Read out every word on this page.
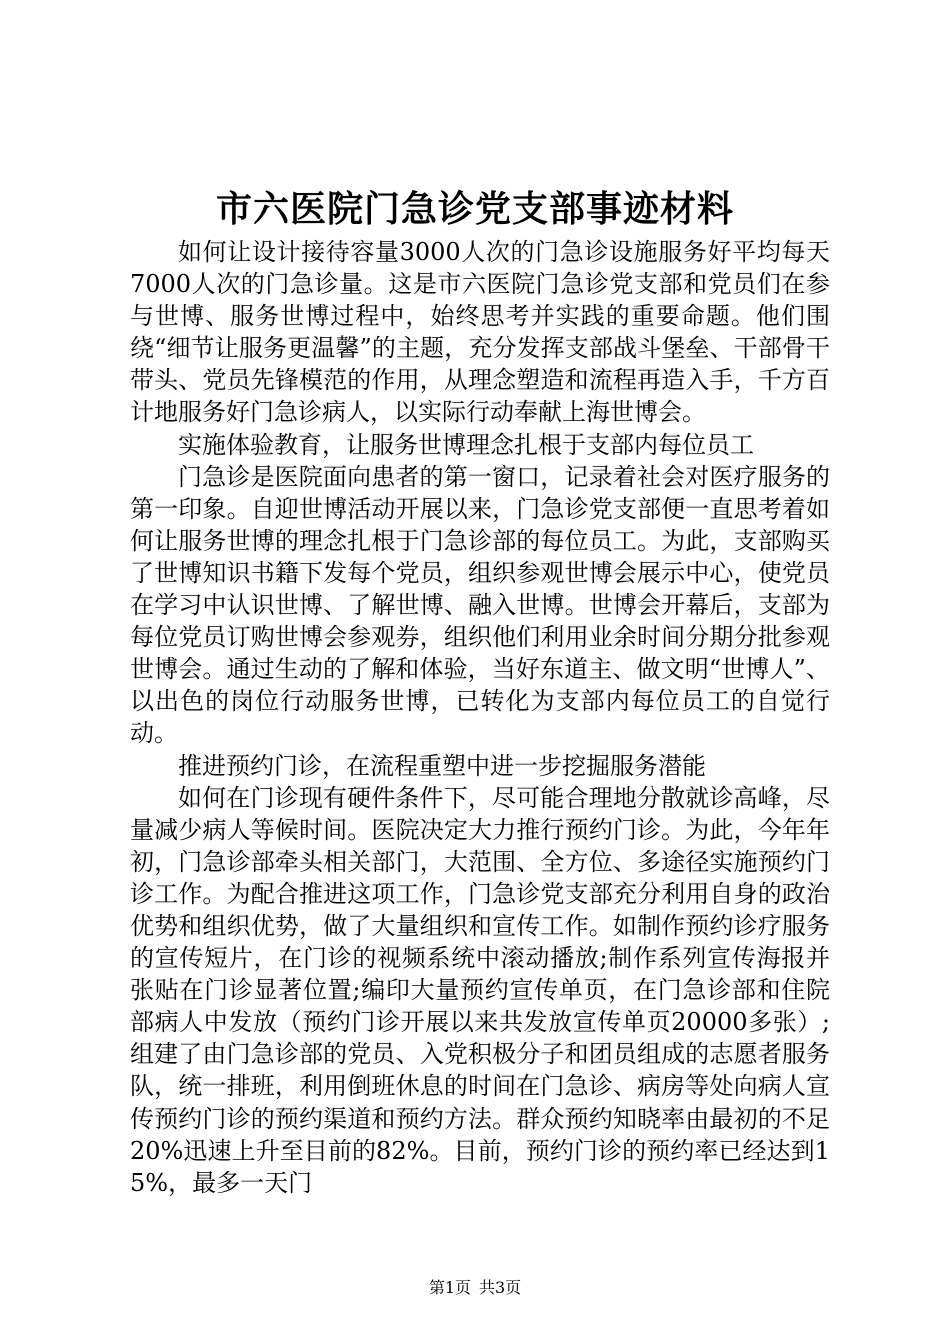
市六医院门急诊党支部事迹材料

如何让设计接待容量3000人次的门急诊设施服务好平均每天7000人次的门急诊量。这是市六医院门急诊党支部和党员们在参与世博、服务世博过程中，始终思考并实践的重要命题。他们围绕“细节让服务更温馨”的主题，充分发挥支部战斗堡垒、干部骨干带头、党员先锋模范的作用，从理念塑造和流程再造入手，千方百计地服务好门急诊病人，以实际行动奉献上海世博会。

实施体验教育，让服务世博理念扎根于支部内每位员工

门急诊是医院面向患者的第一窗口，记录着社会对医疗服务的第一印象。自迎世博活动开展以来，门急诊党支部便一直思考着如何让服务世博的理念扎根于门急诊部的每位员工。为此，支部购买了世博知识书籍下发每个党员，组织参观世博会展示中心，使党员在学习中认识世博、了解世博、融入世博。世博会开幕后，支部为每位党员订购世博会参观券，组织他们利用业余时间分期分批参观世博会。通过生动的了解和体验，当好东道主、做文明“世博人”、以出色的岗位行动服务世博，已转化为支部内每位员工的自觉行动。

推进预约门诊，在流程重塑中进一步挖掘服务潜能

如何在门诊现有硬件条件下，尽可能合理地分散就诊高峰，尽量减少病人等候时间。医院决定大力推行预约门诊。为此，今年年初，门急诊部牵头相关部门，大范围、全方位、多途径实施预约门诊工作。为配合推进这项工作，门急诊党支部充分利用自身的政治优势和组织优势，做了大量组织和宣传工作。如制作预约诊疗服务的宣传短片，在门诊的视频系统中滚动播放;制作系列宣传海报并张贴在门诊显著位置;编印大量预约宣传单页，在门急诊部和住院部病人中发放（预约门诊开展以来共发放宣传单页20000多张）;组建了由门急诊部的党员、入党积极分子和团员组成的志愿者服务队，统一排班，利用倒班休息的时间在门急诊、病房等处向病人宣传预约门诊的预约渠道和预约方法。群众预约知晓率由最初的不足20%迅速上升至目前的82%。目前，预约门诊的预约率已经达到15%，最多一天门

第1页 共3页
